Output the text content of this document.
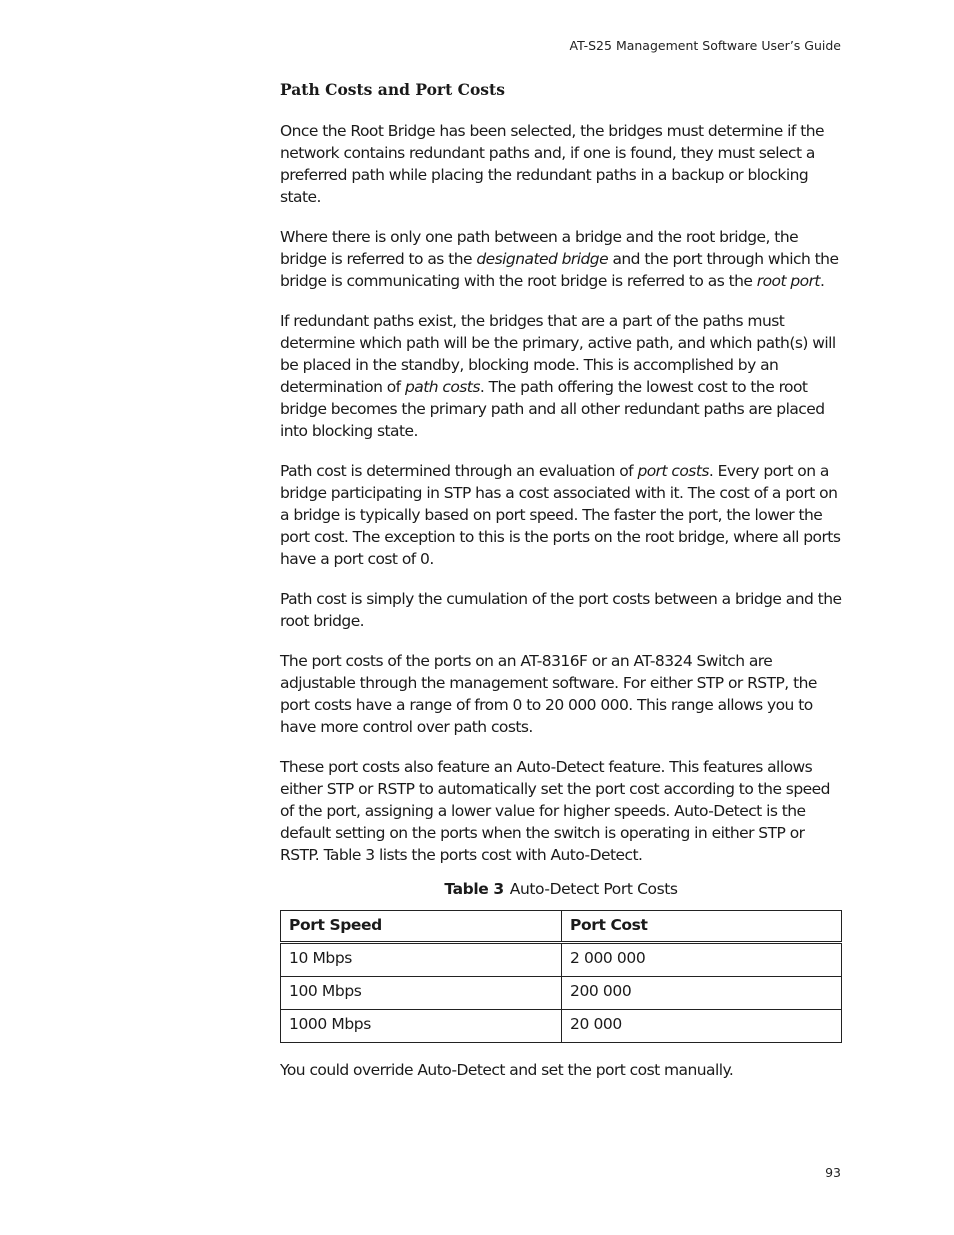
AT-S25 Management Software User’s Guide
Path Costs and Port Costs

Once the Root Bridge has been selected, the bridges must determine if the network contains redundant paths and, if one is found, they must select a preferred path while placing the redundant paths in a backup or blocking state.

Where there is only one path between a bridge and the root bridge, the bridge is referred to as the designated bridge and the port through which the bridge is communicating with the root bridge is referred to as the root port.

If redundant paths exist, the bridges that are a part of the paths must determine which path will be the primary, active path, and which path(s) will be placed in the standby, blocking mode. This is accomplished by an determination of path costs. The path offering the lowest cost to the root bridge becomes the primary path and all other redundant paths are placed into blocking state.

Path cost is determined through an evaluation of port costs. Every port on a bridge participating in STP has a cost associated with it. The cost of a port on a bridge is typically based on port speed. The faster the port, the lower the port cost. The exception to this is the ports on the root bridge, where all ports have a port cost of 0.

Path cost is simply the cumulation of the port costs between a bridge and the root bridge.

The port costs of the ports on an AT-8316F or an AT-8324 Switch are adjustable through the management software. For either STP or RSTP, the port costs have a range of from 0 to 20 000 000. This range allows you to have more control over path costs.

These port costs also feature an Auto-Detect feature. This features allows either STP or RSTP to automatically set the port cost according to the speed of the port, assigning a lower value for higher speeds. Auto-Detect is the default setting on the ports when the switch is operating in either STP or RSTP. Table 3 lists the ports cost with Auto-Detect.

Table 3 Auto-Detect Port Costs
Port Speed	Port Cost
10 Mbps	2 000 000
100 Mbps	200 000
1000 Mbps	20 000

You could override Auto-Detect and set the port cost manually.

93
